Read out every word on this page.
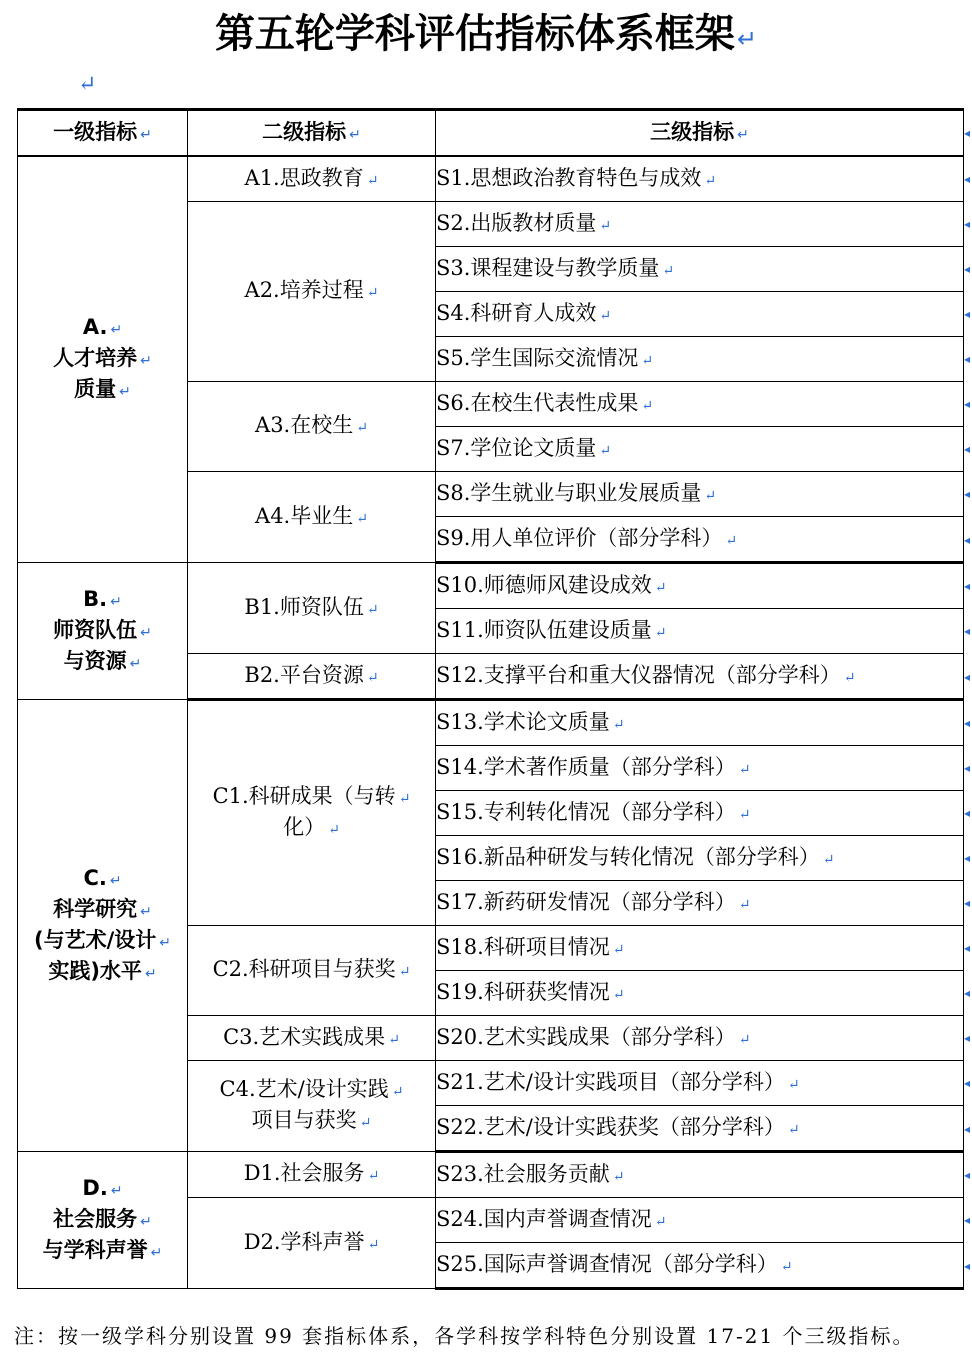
第五轮学科评估指标体系框架↵
↵
一级指标 ↵	二级指标 ↵	三级指标 ↵
A. ↵
人才培养 ↵
质量 ↵	A1.思政教育 ↵	S1.思想政治教育特色与成效 ↵
	A2.培养过程 ↵	S2.出版教材质量 ↵
		S3.课程建设与教学质量 ↵
		S4.科研育人成效 ↵
		S5.学生国际交流情况 ↵
	A3.在校生 ↵	S6.在校生代表性成果 ↵
		S7.学位论文质量 ↵
	A4.毕业生 ↵	S8.学生就业与职业发展质量 ↵
		S9.用人单位评价（部分学科） ↵
B. ↵
师资队伍 ↵
与资源 ↵	B1.师资队伍 ↵	S10.师德师风建设成效 ↵
		S11.师资队伍建设质量 ↵
	B2.平台资源 ↵	S12.支撑平台和重大仪器情况（部分学科） ↵
C. ↵
科学研究 ↵
(与艺术/设计 ↵
实践)水平 ↵	C1.科研成果（与转 ↵
化） ↵	S13.学术论文质量 ↵
		S14.学术著作质量（部分学科） ↵
		S15.专利转化情况（部分学科） ↵
		S16.新品种研发与转化情况（部分学科） ↵
		S17.新药研发情况（部分学科） ↵
	C2.科研项目与获奖 ↵	S18.科研项目情况 ↵
		S19.科研获奖情况 ↵
	C3.艺术实践成果 ↵	S20.艺术实践成果（部分学科） ↵
	C4.艺术/设计实践 ↵
项目与获奖 ↵	S21.艺术/设计实践项目（部分学科） ↵
		S22.艺术/设计实践获奖（部分学科） ↵
D. ↵
社会服务 ↵
与学科声誉 ↵	D1.社会服务 ↵	S23.社会服务贡献 ↵
	D2.学科声誉 ↵	S24.国内声誉调查情况 ↵
		S25.国际声誉调查情况（部分学科） ↵
注：按一级学科分别设置 99 套指标体系，各学科按学科特色分别设置 17-21 个三级指标。
◂
◂
◂
◂
◂
◂
◂
◂
◂
◂
◂
◂
◂
◂
◂
◂
◂
◂
◂
◂
◂
◂
◂
◂
◂
◂
